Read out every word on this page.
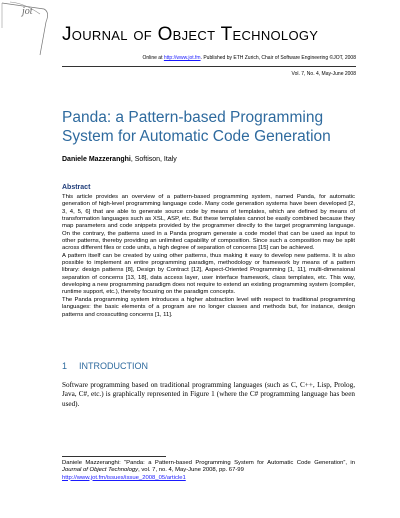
jot
Journal of Object Technology
Online at http://www.jot.fm. Published by ETH Zurich, Chair of Software Engineering ©JOT, 2008
Vol. 7, No. 4, May-June 2008
Panda: a Pattern-based Programming System for Automatic Code Generation
Daniele Mazzeranghi, Softison, Italy
Abstract

This article provides an overview of a pattern-based programming system, named Panda, for automatic generation of high-level programming language code. Many code generation systems have been developed [2, 3, 4, 5, 6] that are able to generate source code by means of templates, which are defined by means of transformation languages such as XSL, ASP, etc. But these templates cannot be easily combined because they map parameters and code snippets provided by the programmer directly to the target programming language. On the contrary, the patterns used in a Panda program generate a code model that can be used as input to other patterns, thereby providing an unlimited capability of composition. Since such a composition may be split across different files or code units, a high degree of separation of concerns [15] can be achieved.

A pattern itself can be created by using other patterns, thus making it easy to develop new patterns. It is also possible to implement an entire programming paradigm, methodology or framework by means of a pattern library: design patterns [8], Design by Contract [12], Aspect-Oriented Programming [1, 11], multi-dimensional separation of concerns [13, 18], data access layer, user interface framework, class templates, etc. This way, developing a new programming paradigm does not require to extend an existing programming system (compiler, runtime support, etc.), thereby focusing on the paradigm concepts.

The Panda programming system introduces a higher abstraction level with respect to traditional programming languages: the basic elements of a program are no longer classes and methods but, for instance, design patterns and crosscutting concerns [1, 11].

1 INTRODUCTION

Software programming based on traditional programming languages (such as C, C++, Lisp, Prolog, Java, C#, etc.) is graphically represented in Figure 1 (where the C# programming language has been used).

Daniele Mazzeranghi: “Panda: a Pattern-based Programming System for Automatic Code Generation”, in Journal of Object Technology, vol. 7, no. 4, May-June 2008, pp. 67-99

http://www.jot.fm/issues/issue_2008_05/article1
